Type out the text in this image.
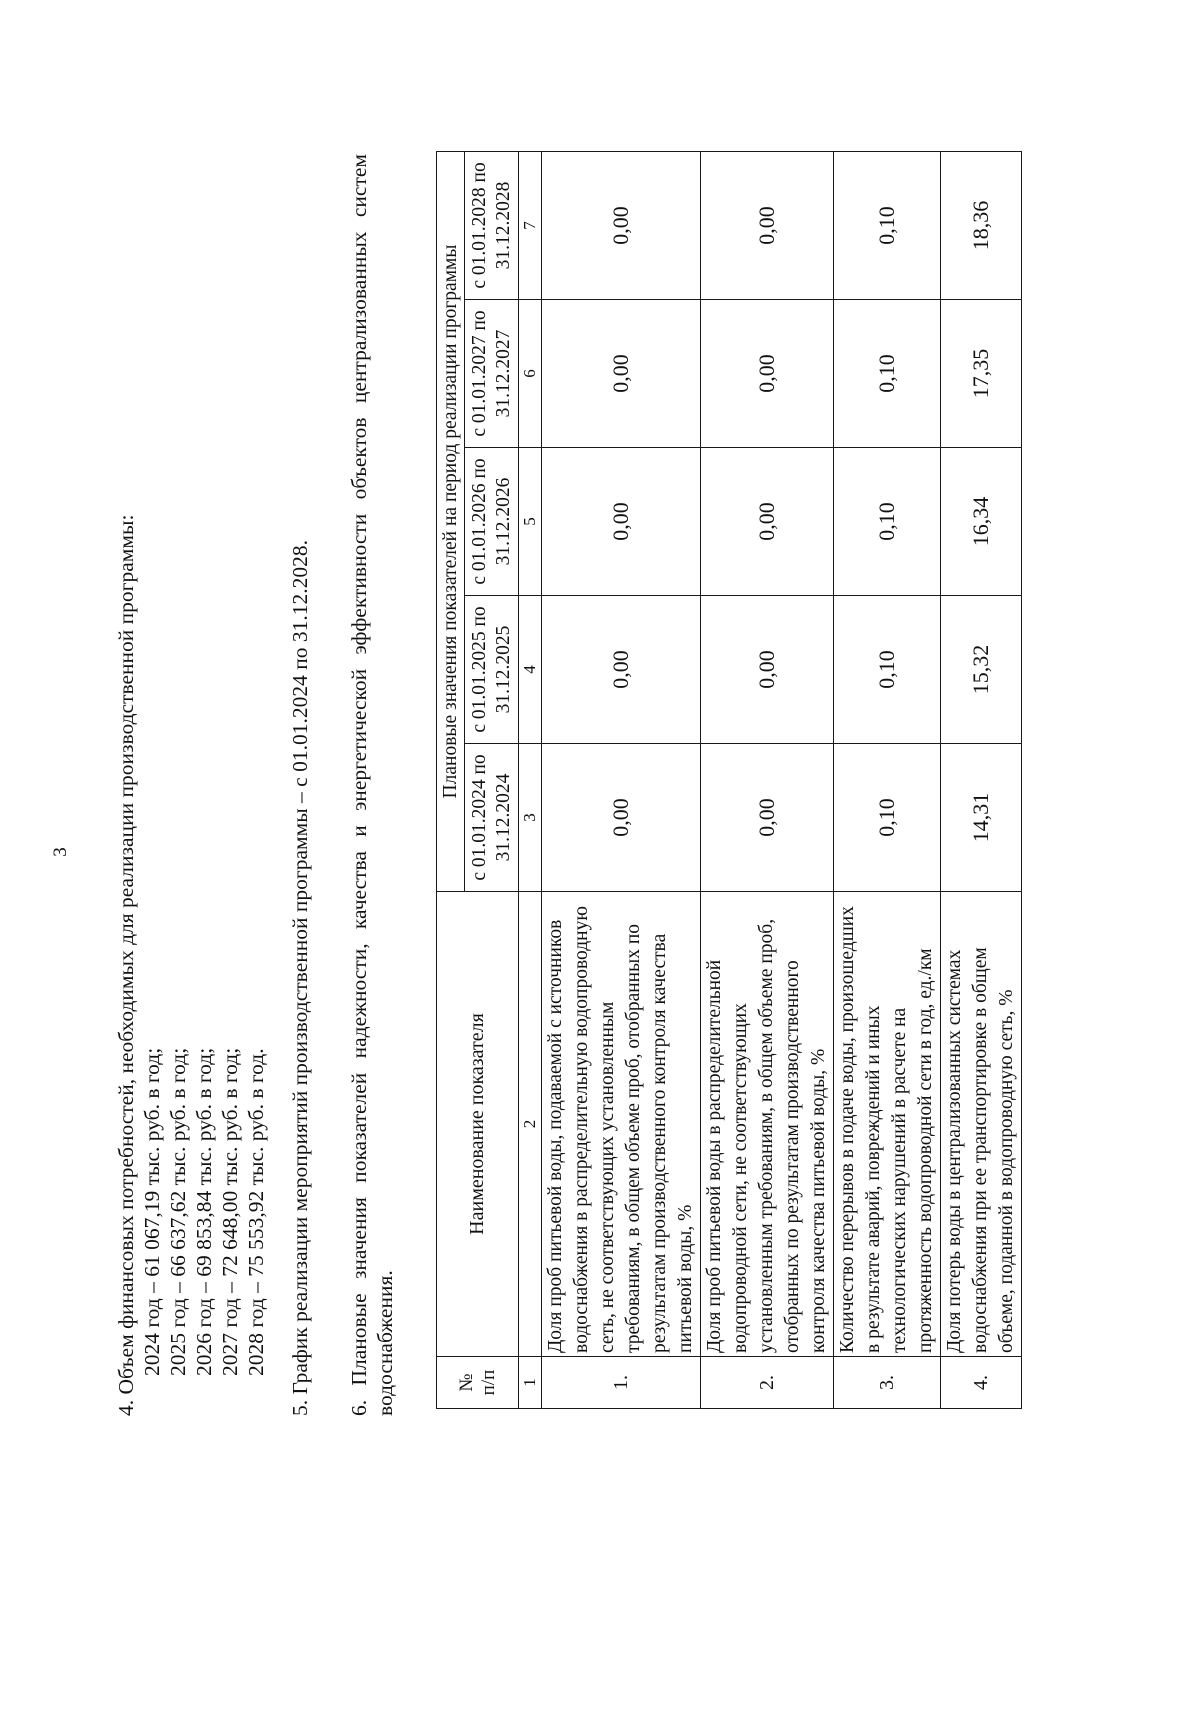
3 4. Объем финансовых потребностей, необходимых для реализации производственной программы: 2024 год – 61 067,19 тыс. руб. в год; 2025 год – 66 637,62 тыс. руб. в год; 2026 год – 69 853,84 тыс. руб. в год; 2027 год – 72 648,00 тыс. руб. в год; 2028 год – 75 553,92 тыс. руб. в год. 5. График реализации мероприятий производственной программы – с 01.01.2024 по 31.12.2028. 6. Плановые значения показателей надежности, качества и энергетической эффективности объектов централизованных систем водоснабжения.	№ п/п	Наименование показателя	Плановые значения показателей на период реализации программы				
		с 01.01.2024 по 31.12.2024	с 01.01.2025 по 31.12.2025	с 01.01.2026 по 31.12.2026	с 01.01.2027 по 31.12.2027	с 01.01.2028 по 31.12.2028
1	2	3	4	5	6	7
1.	Доля проб питьевой воды, подаваемой с источников водоснабжения в распределительную водопроводную сеть, не соответствующих установленным требованиям, в общем объеме проб, отобранных по результатам производственного контроля качества питьевой воды, %	0,00	0,00	0,00	0,00	0,00
2.	Доля проб питьевой воды в распределительной водопроводной сети, не соответствующих установленным требованиям, в общем объеме проб, отобранных по результатам производственного контроля качества питьевой воды, %	0,00	0,00	0,00	0,00	0,00
3.	Количество перерывов в подаче воды, произошедших в результате аварий, повреждений и иных технологических нарушений в расчете на протяженность водопроводной сети в год, ед./км	0,10	0,10	0,10	0,10	0,10
4.	Доля потерь воды в централизованных системах водоснабжения при ее транспортировке в общем объеме, поданной в водопроводную сеть, %	14,31	15,32	16,34	17,35	18,36
